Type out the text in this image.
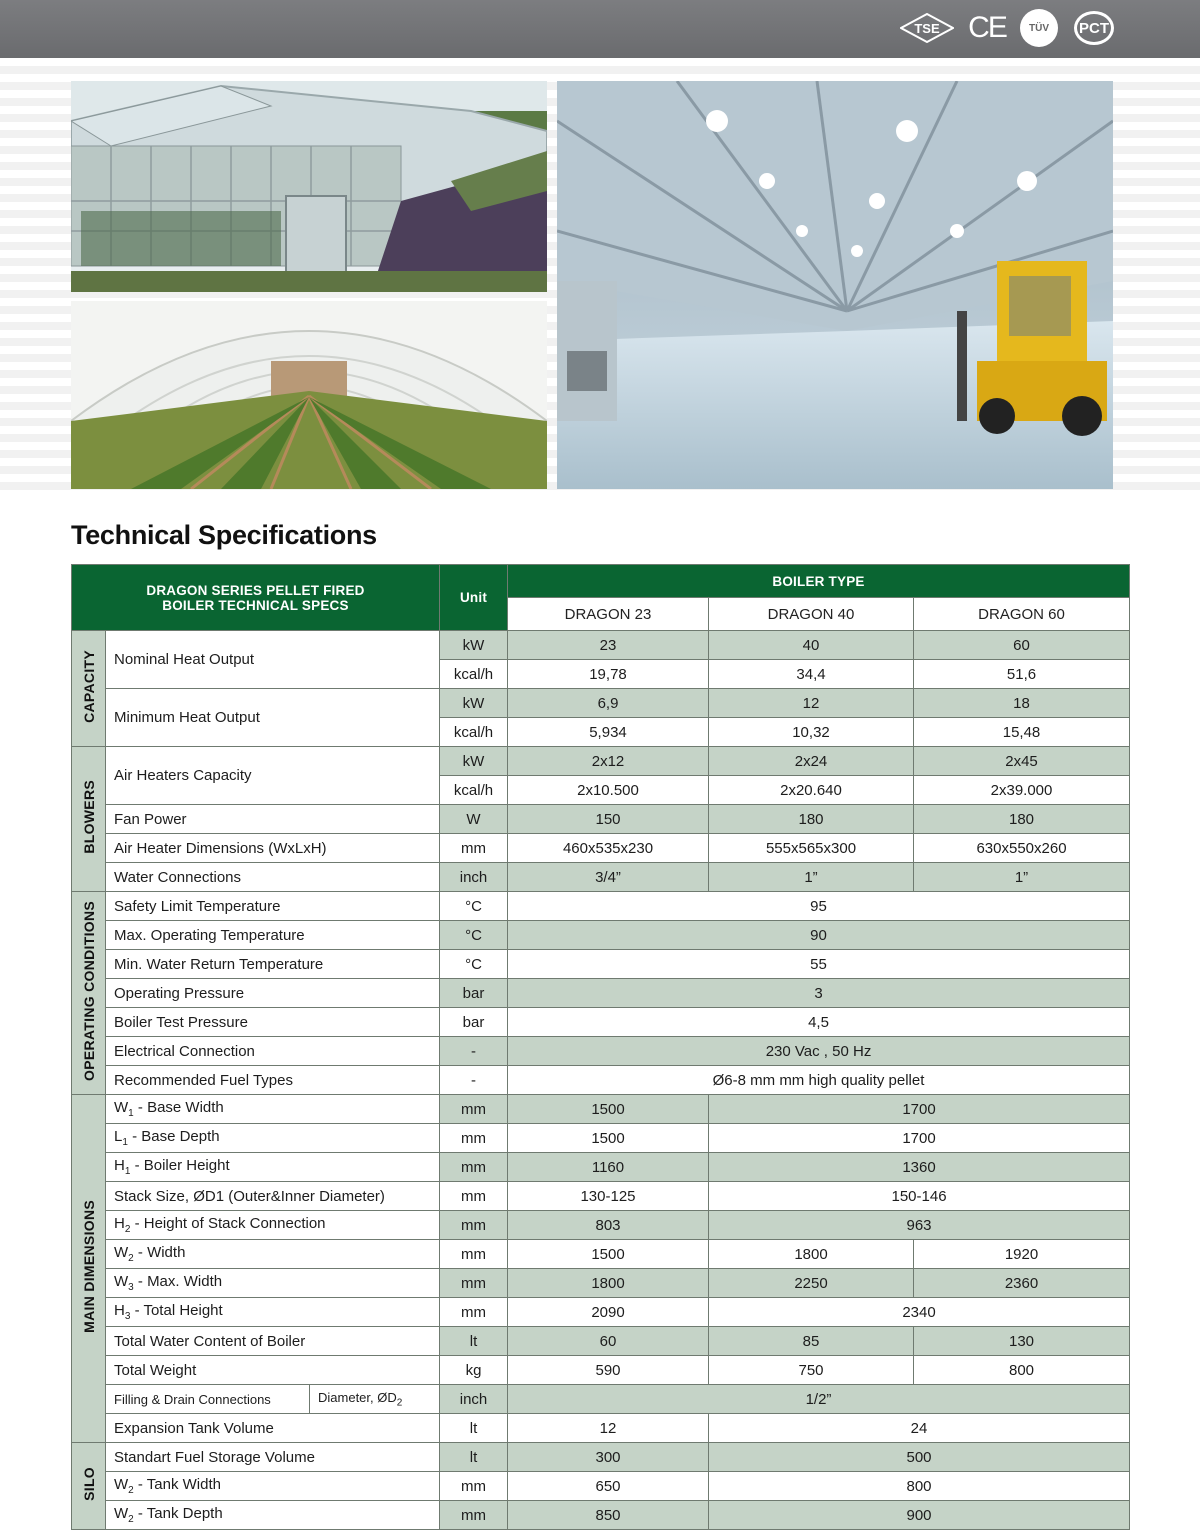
TSE CE	TÜV	PCT
Technical Specifications
DRAGON SERIES PELLET FIRED
BOILER TECHNICAL SPECS			Unit	BOILER TYPE		
				DRAGON 23	DRAGON 40	DRAGON 60
CAPACITY	Nominal Heat Output		kW	23	40	60
			kcal/h	19,78	34,4	51,6
	Minimum Heat Output		kW	6,9	12	18
			kcal/h	5,934	10,32	15,48
BLOWERS	Air Heaters Capacity		kW	2x12	2x24	2x45
			kcal/h	2x10.500	2x20.640	2x39.000
	Fan Power		W	150	180	180
	Air Heater Dimensions (WxLxH)		mm	460x535x230	555x565x300	630x550x260
	Water Connections		inch	3/4”	1”	1”
OPERATING CONDITIONS	Safety Limit Temperature		°C	95		
	Max. Operating Temperature		°C	90		
	Min. Water Return Temperature		°C	55		
	Operating Pressure		bar	3		
	Boiler Test Pressure		bar	4,5		
	Electrical Connection		-	230 Vac , 50 Hz		
	Recommended Fuel Types		-	Ø6-8 mm mm high quality pellet		
MAIN DIMENSIONS	$W_1$ - Base Width		mm	1500	1700	
	$L_1$ - Base Depth		mm	1500	1700	
	$H_1$ - Boiler Height		mm	1160	1360	
	Stack Size, ØD1 (Outer&Inner Diameter)		mm	130-125	150-146	
	$H_2$ - Height of Stack Connection		mm	803	963	
	$W_2$ - Width		mm	1500	1800	1920
	$W_3$ - Max. Width		mm	1800	2250	2360
	$H_3$ - Total Height		mm	2090	2340	
	Total Water Content of Boiler		lt	60	85	130
	Total Weight		kg	590	750	800
	Filling & Drain Connections	Diameter, $ØD_2$	inch	1/2”		
	Expansion Tank Volume		lt	12	24	
SILO	Standart Fuel Storage Volume		lt	300	500	
	$W_2$ - Tank Width		mm	650	800	
	$W_2$ - Tank Depth		mm	850	900	
